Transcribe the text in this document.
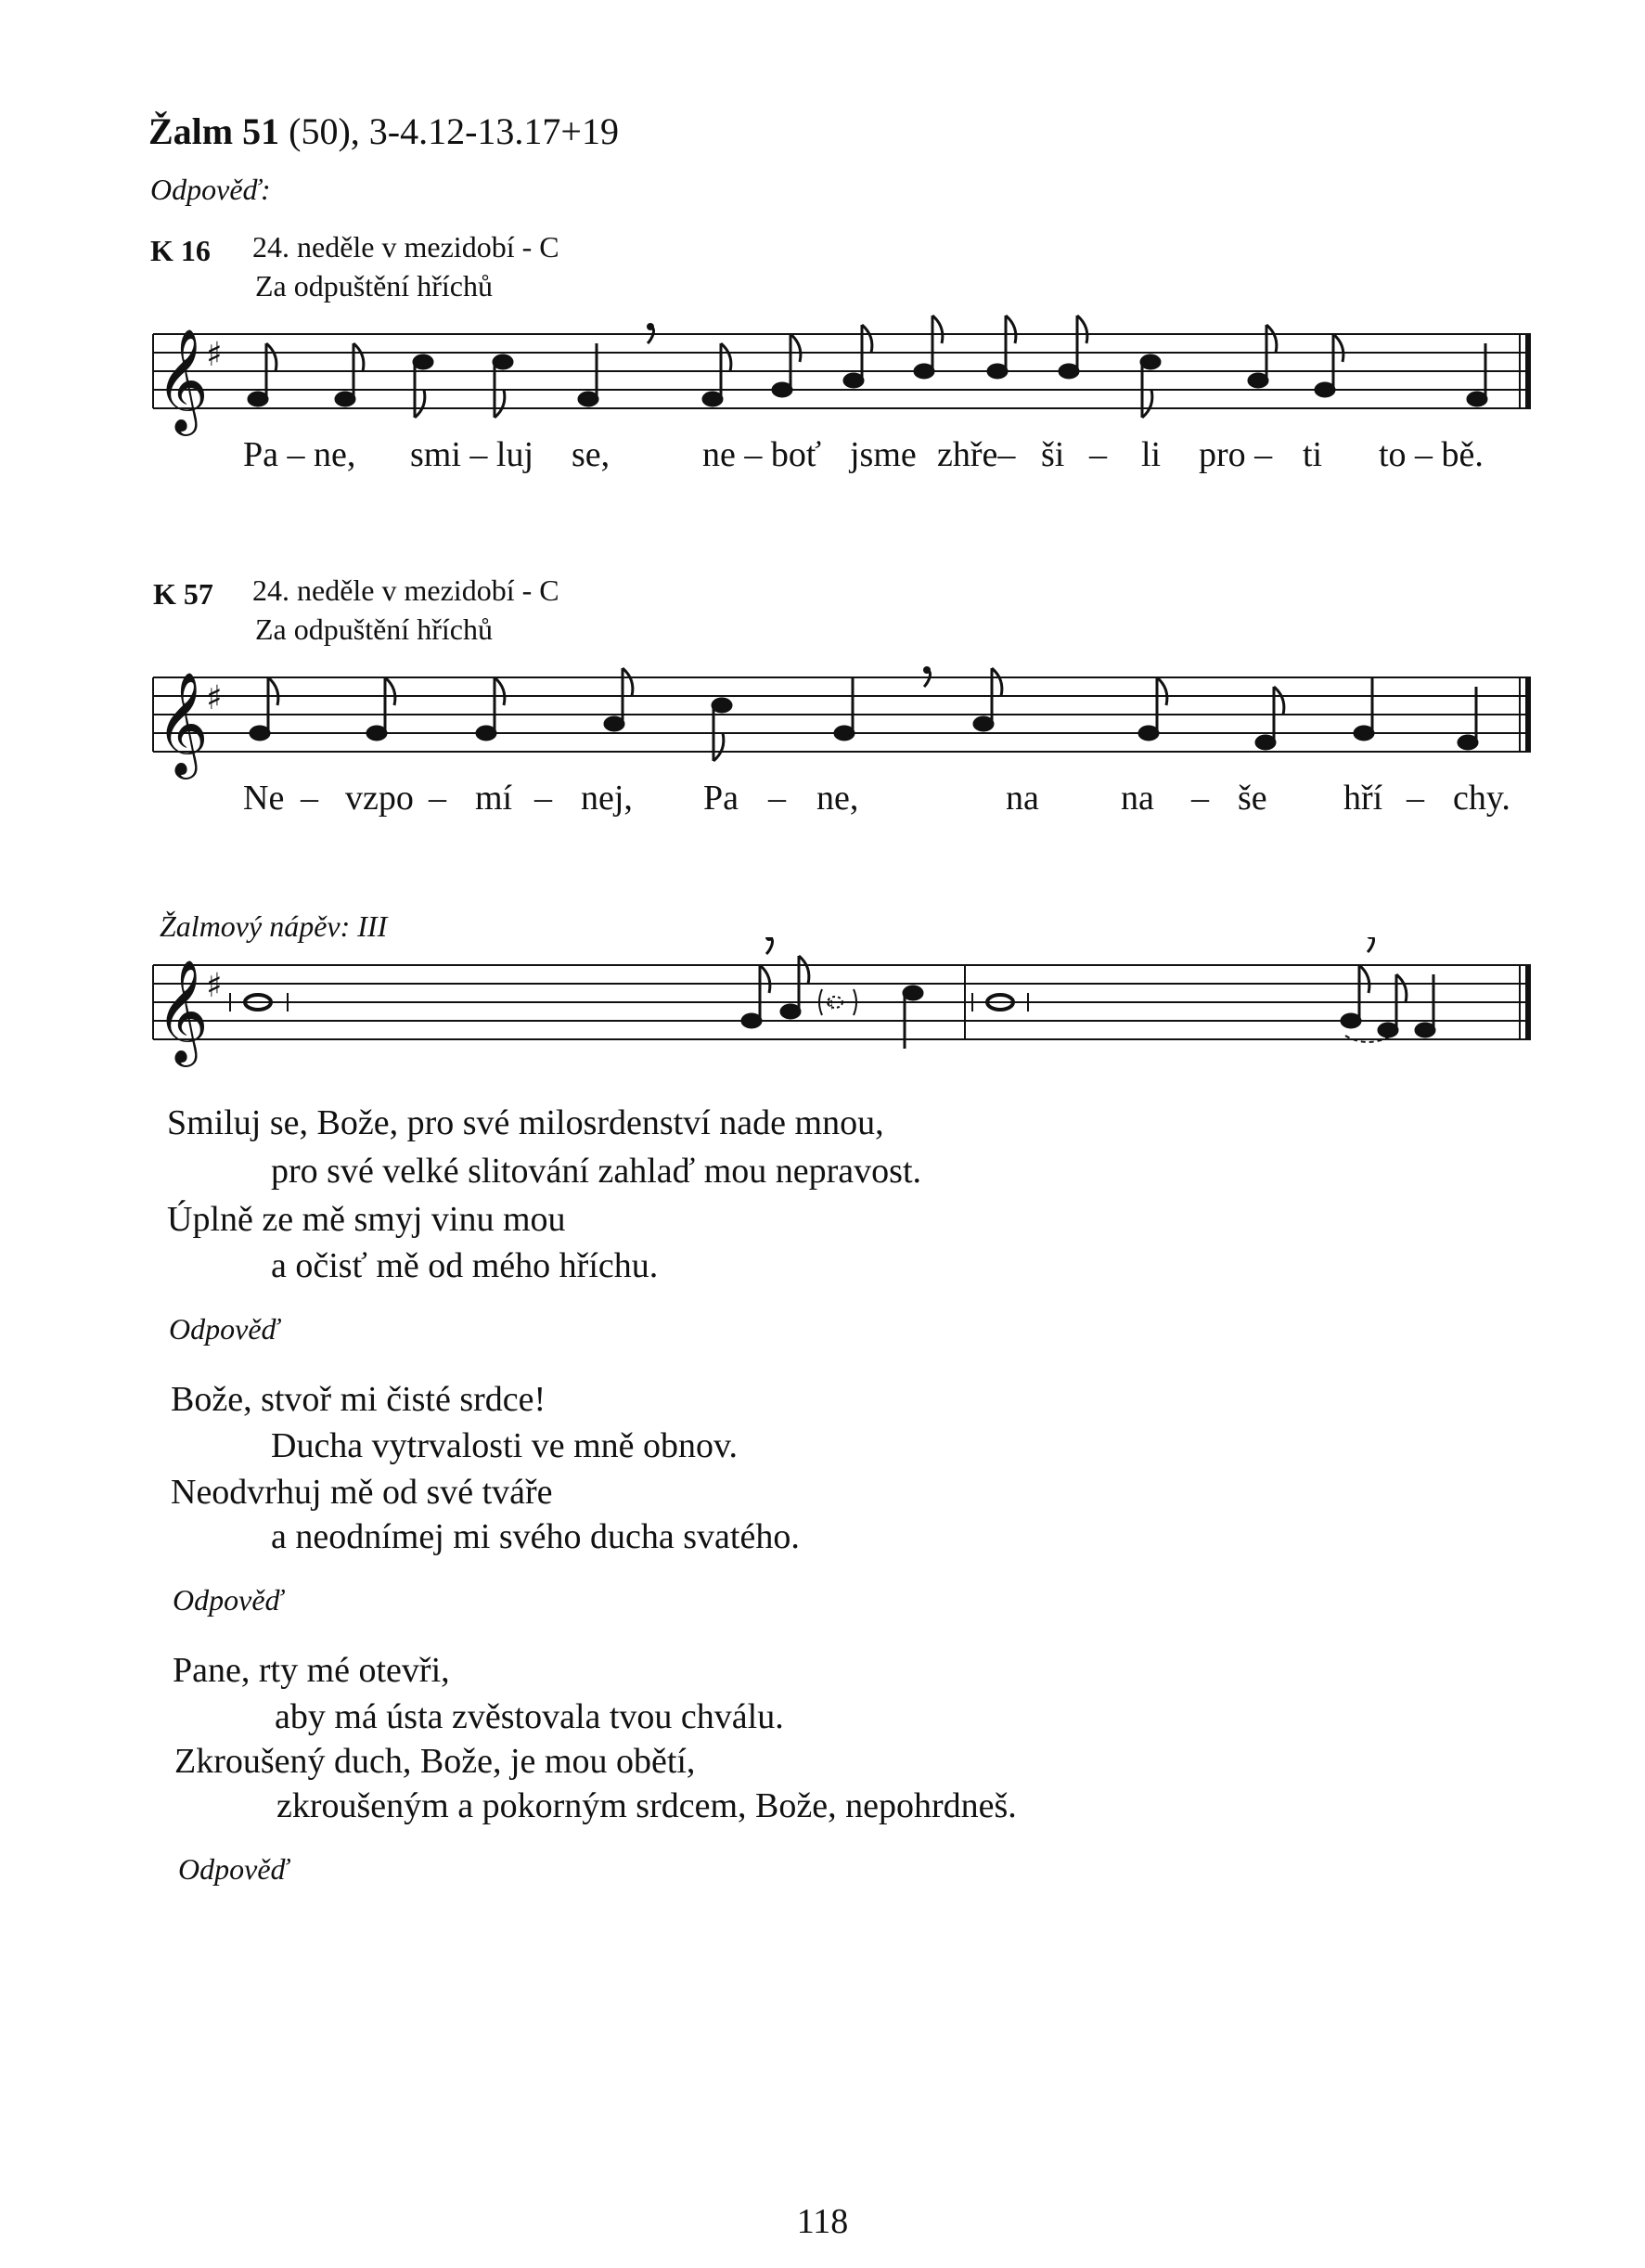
Žalm 51 (50), 3-4.12-13.17+19
Odpověď:
K 16 24. neděle v mezidobí - C
Za odpuštění hříchů
𝄞
♯
Pa – ne, smi – luj se,	ne – boť jsme zhře– ši – li pro – ti to – bě.
K 57 24. neděle v mezidobí - C
Za odpuštění hříchů
𝄞
♯
Ne – vzpo – mí – nej, Pa – ne,	na na – še hří – chy.
Žalmový nápěv: III
𝄞
♯	♮
Smiluj se, Bože, pro své milosrdenství nade mnou,
pro své velké slitování zahlaď mou nepravost.
Úplně ze mě smyj vinu mou
a očisť mě od mého hříchu.
Odpověď
Bože, stvoř mi čisté srdce!
Ducha vytrvalosti ve mně obnov.
Neodvrhuj mě od své tváře
a neodnímej mi svého ducha svatého.
Odpověď
Pane, rty mé otevři,
aby má ústa zvěstovala tvou chválu.
Zkroušený duch, Bože, je mou obětí,
zkroušeným a pokorným srdcem, Bože, nepohrdneš.
Odpověď
118
